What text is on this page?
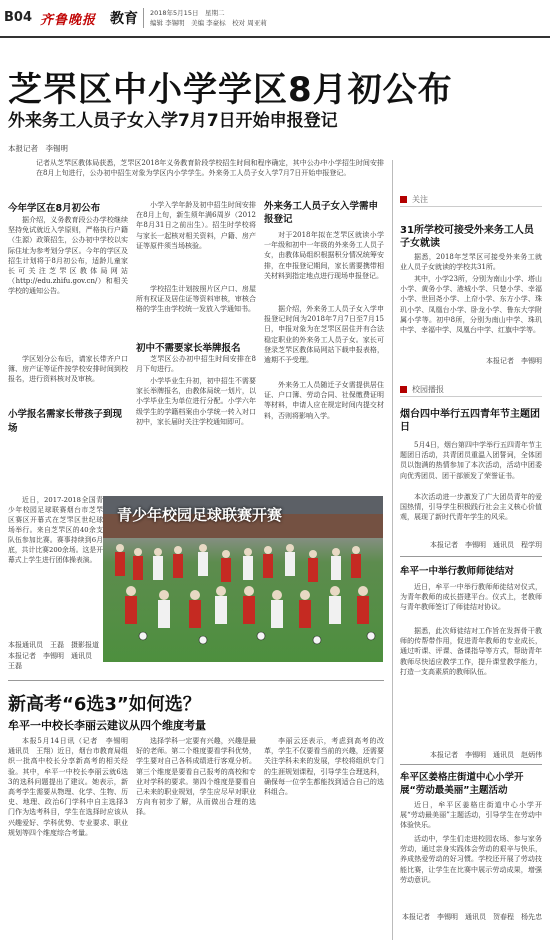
B04 齐鲁晚报 教育 2018年5月15日　 星期二
编辑 李锡明　 美编 李豪标　 校对 周亚莉
芝罘区中小学学区8月初公布
外来务工人员子女入学7月7日开始申报登记
本报记者　李锡明
记者从芝罘区教体局获悉，芝罘区2018年义务教育阶段学校招生时间和程序确定，其中公办中小学招生时间安排在8月上旬进行，公办初中招生对象为学区内小学学生。外来务工人员子女入学7月7日开始申报登记。
今年学区在8月初公布
据介绍，义务教育段公办学校继续坚持免试就近入学原则，严格执行户籍（生源）政策招生，公办初中学校以实际住址为参考划分学区。今年的学区及招生计划将于8月初公布，适龄儿童家长可关注芝罘区教体局网站（http://edu.zhifu.gov.cn/）和相关学校的通知公告。
学区划分公布后，请家长带齐户口簿、房产证等证件按学校安排时间到校报名，进行资料核对及审核。
小学报名需家长带孩子到现场
小学入学年龄及初中招生时间安排在8月上旬，新生须年满6周岁（2012年8月31日之前出生）。招生时学校将与家长一起核对相关资料，户籍、房产证等原件须当场核验。
学校招生计划按照片区户口、房屋所有权证及居住证等资料审核，审核合格的学生由学校统一发放入学通知书。
初中不需要家长举牌报名
芝罘区公办初中招生时间安排在8月下旬进行。
小学毕业生升初，初中招生不需要家长举牌报名，由教体局统一划片，以小学毕业生为单位进行分配。小学六年级学生的学籍档案由小学统一转入对口初中，家长届时关注学校通知即可。
外来务工人员子女入学需申报登记
对于2018年拟在芝罘区就读小学一年级和初中一年级的外来务工人员子女，由教体局组织根据积分情况统筹安排，在申报登记期间，家长需要携带相关材料到指定地点进行现场申报登记。
据介绍，外来务工人员子女入学申报登记时间为2018年7月7日至7月15日，申报对象为在芝罘区居住并有合法稳定职业的外来务工人员子女。家长可登录芝罘区教体局网站下载申报表格，逾期不予受理。
外来务工人员随迁子女需提供居住证、户口簿、劳动合同、社保缴费证明等材料，申请人应在规定时间内提交材料，否则将影响入学。
近日，2017-2018全国青少年校园足球联赛烟台市芝罘区赛区开幕式在芝罘区世纪球场举行。来自芝罘区的40余支队伍参加比赛。赛事持续到6月底，共计比赛200余场。这是开幕式上学生进行团体操表演。
本报通讯员　王磊　摄影报道
本报记者　李锡明　通讯员　王磊
青少年校园足球联赛开赛
新高考“6选3”如何选？
牟平一中校长李丽云建议从四个维度考量
本报5月14日讯（记者　李锡明　通讯员　王翔）近日，烟台市教育局组织一批高中校长分享新高考的相关经验。其中，牟平一中校长李丽云就6选3的选科问题提出了建议。她表示，新高考学生需要从物理、化学、生物、历史、地理、政治6门学科中自主选择3门作为选考科目，学生在选择时应该从兴趣爱好、学科优势、专业要求、职业规划等四个维度综合考量。
选择学科一定要有兴趣，兴趣是最好的老师。第二个维度要看学科优势，学生要对自己各科成绩进行客观分析。第三个维度是要看自己报考的高校和专业对学科的要求。第四个维度是要看自己未来的职业规划，学生应尽早对职业方向有初步了解，从而做出合理的选择。
李丽云还表示，考虑到高考的改革，学生不仅要看当前的兴趣，还需要关注学科未来的发展，学校将组织专门的生涯规划课程，引导学生合理选科，确保每一位学生都能找到适合自己的选科组合。
关注
31所学校可接受外来务工人员子女就读
据悉，2018年芝罘区可接受外来务工就业人员子女就读的学校共31所。
其中，小学23所，分别为南山小学、塔山小学、黄务小学、港城小学、只楚小学、幸福小学、世回尧小学、上夼小学、东方小学、珠玑小学、凤凰台小学、卧龙小学、鲁东大学附属小学等。初中8所，分别为南山中学、珠玑中学、幸福中学、凤凰台中学、红旗中学等。
本报记者　李锡明
校园播报
烟台四中举行五四青年节主题团日
5月4日，烟台第四中学举行五四青年节主题团日活动，共青团员重温入团誓词，全体团员以饱满的热情参加了本次活动，活动中团委向优秀团员、团干部颁发了荣誉证书。
本次活动进一步激发了广大团员青年的爱国热情，引导学生积极践行社会主义核心价值观，展现了新时代青年学生的风采。
本报记者　李锡明　通讯员　程学玥
牟平一中举行教师师徒结对
近日，牟平一中举行教师师徒结对仪式，为青年教师的成长搭建平台。仪式上，老教师与青年教师签订了师徒结对协议。
据悉，此次师徒结对工作旨在发挥骨干教师的传帮带作用，促进青年教师的专业成长，通过听课、评课、备课指导等方式，帮助青年教师尽快适应教学工作，提升课堂教学能力，打造一支高素质的教师队伍。
本报记者　李锡明　通讯员　赵炳伟
牟平区姜格庄街道中心小学开展“劳动最美丽”主题活动
近日，牟平区姜格庄街道中心小学开展“劳动最美丽”主题活动，引导学生在劳动中体验快乐。
活动中，学生们走进校园农场、参与家务劳动，通过亲身实践体会劳动的艰辛与快乐，养成热爱劳动的好习惯。学校还开展了劳动技能比赛，让学生在比赛中展示劳动成果，增强劳动意识。
本报记者　李锡明　通讯员　贺春程　杨先忠
